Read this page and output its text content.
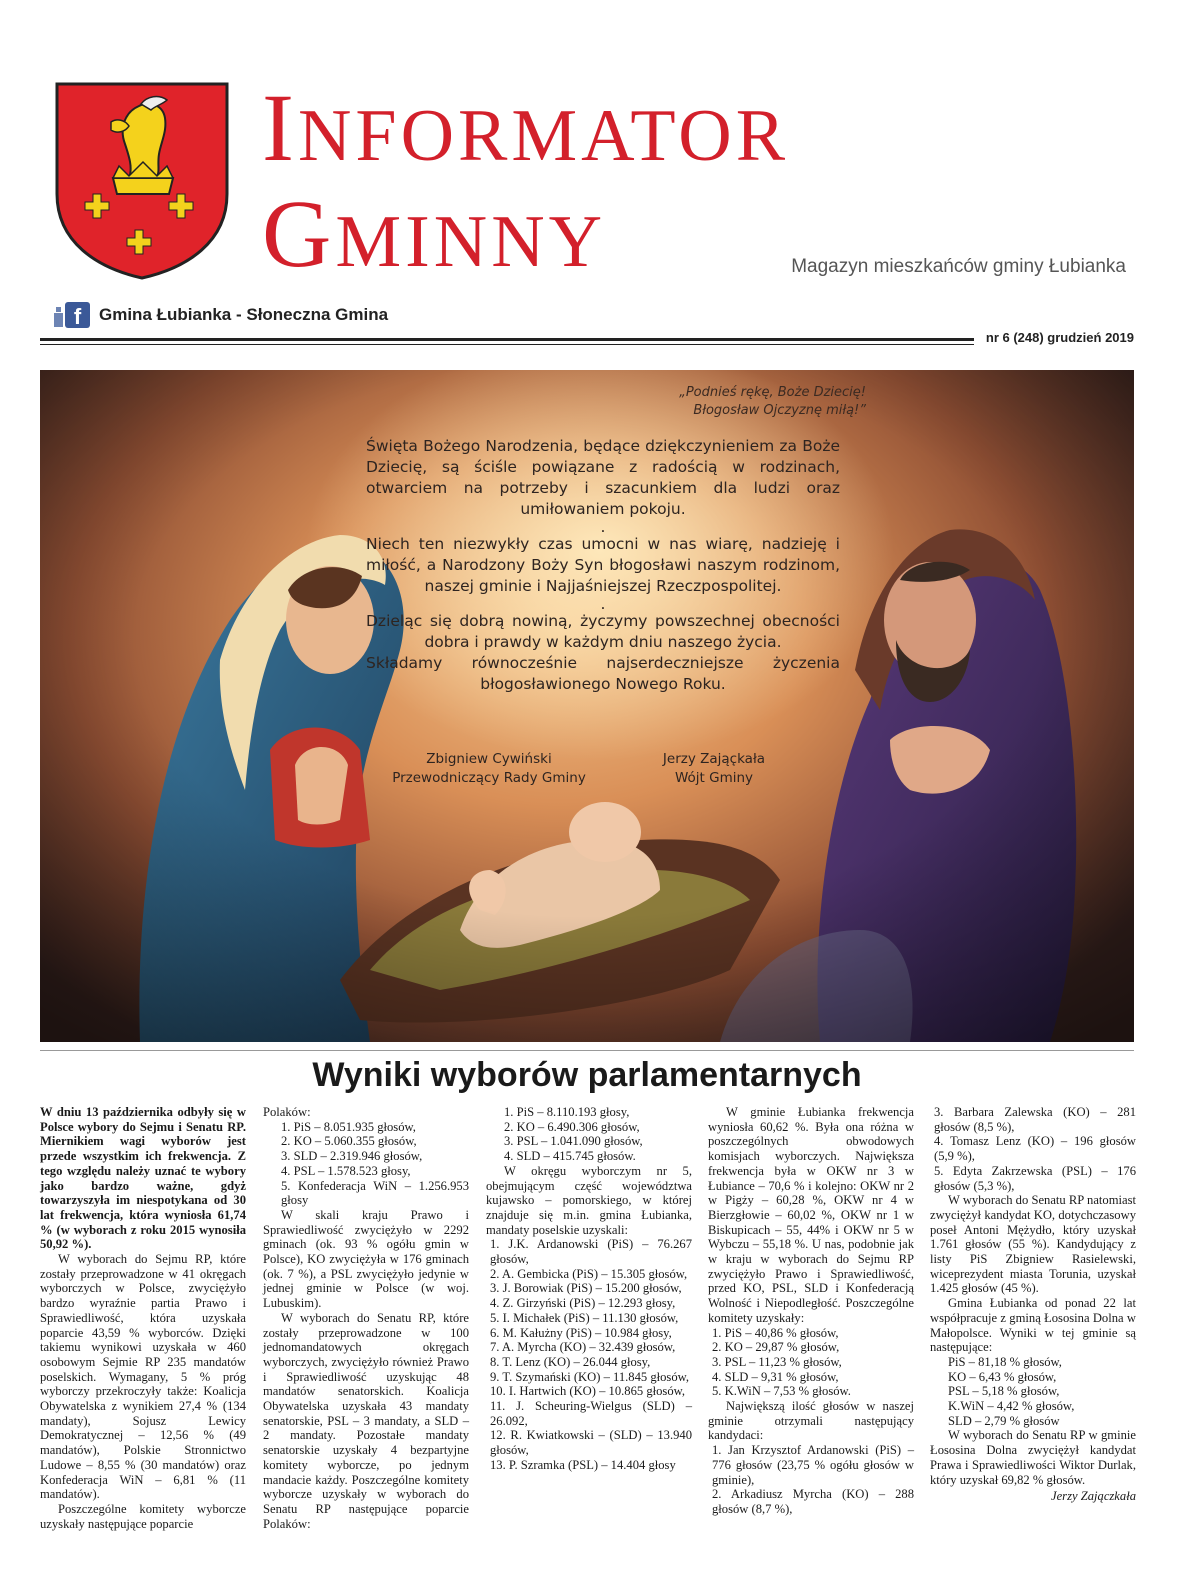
INFORMATOR
GMINNY	Magazyn mieszkańców gminy Łubianka
f Gmina Łubianka - Słoneczna Gmina
nr 6 (248) grudzień 2019
„Podnieś rękę, Boże Dziecię!
Błogosław Ojczyznę miłą!”

Święta Bożego Narodzenia, będące dziękczynieniem za Boże Dziecię, są ściśle powiązane z radością w rodzinach, otwarciem na potrzeby i szacunkiem dla ludzi oraz umiłowaniem pokoju.

.

Niech ten niezwykły czas umocni w nas wiarę, nadzieję i miłość, a Narodzony Boży Syn błogosławi naszym rodzinom, naszej gminie i Najjaśniejszej Rzeczpospolitej.

.

Dzieląc się dobrą nowiną, życzymy powszechnej obecności dobra i prawdy w każdym dniu naszego życia.

Składamy równocześnie najserdeczniejsze życzenia błogosławionego Nowego Roku.

Zbigniew Cywiński
Przewodniczący Rady Gminy
Jerzy Zając̨kała
Wójt Gminy
Wyniki wyborów parlamentarnych

W dniu 13 października odbyły się w Polsce wybory do Sejmu i Senatu RP. Miernikiem wagi wyborów jest przede wszystkim ich frekwencja. Z tego względu należy uznać te wybory jako bardzo ważne, gdyż towarzyszyła im niespotykana od 30 lat frekwencja, która wyniosła 61,74 % (w wyborach z roku 2015 wynosiła 50,92 %).

W wyborach do Sejmu RP, które zostały przeprowadzone w 41 okręgach wyborczych w Polsce, zwyciężyło bardzo wyraźnie partia Prawo i Sprawiedliwość, która uzyskała poparcie 43,59 % wyborców. Dzięki takiemu wynikowi uzyskała w 460 osobowym Sejmie RP 235 mandatów poselskich. Wymagany, 5 % próg wyborczy przekroczyły także: Koalicja Obywatelska z wynikiem 27,4 % (134 mandaty), Sojusz Lewicy Demokratycznej – 12,56 % (49 mandatów), Polskie Stronnictwo Ludowe – 8,55 % (30 mandatów) oraz Konfederacja WiN – 6,81 % (11 mandatów).

Poszczególne komitety wyborcze uzyskały następujące poparcie

Polaków:

1. PiS – 8.051.935 głosów,

2. KO – 5.060.355 głosów,

3. SLD – 2.319.946 głosów,

4. PSL – 1.578.523 głosy,

5. Konfederacja WiN – 1.256.953 głosy

W skali kraju Prawo i Sprawiedliwość zwyciężyło w 2292 gminach (ok. 93 % ogółu gmin w Polsce), KO zwyciężyła w 176 gminach (ok. 7 %), a PSL zwyciężyło jedynie w jednej gminie w Polsce (w woj. Lubuskim).

W wyborach do Senatu RP, które zostały przeprowadzone w 100 jednomandatowych okręgach wyborczych, zwyciężyło również Prawo i Sprawiedliwość uzyskując 48 mandatów senatorskich. Koalicja Obywatelska uzyskała 43 mandaty senatorskie, PSL – 3 mandaty, a SLD – 2 mandaty. Pozostałe mandaty senatorskie uzyskały 4 bezpartyjne komitety wyborcze, po jednym mandacie każdy. Poszczególne komitety wyborcze uzyskały w wyborach do Senatu RP następujące poparcie Polaków:

1. PiS – 8.110.193 głosy,

2. KO – 6.490.306 głosów,

3. PSL – 1.041.090 głosów,

4. SLD – 415.745 głosów.

W okręgu wyborczym nr 5, obejmującym część województwa kujawsko – pomorskiego, w której znajduje się m.in. gmina Łubianka, mandaty poselskie uzyskali:

1. J.K. Ardanowski (PiS) – 76.267 głosów,

2. A. Gembicka (PiS) – 15.305 głosów,

3. J. Borowiak (PiS) – 15.200 głosów,

4. Z. Girzyński (PiS) – 12.293 głosy,

5. I. Michałek (PiS) – 11.130 głosów,

6. M. Kałużny (PiS) – 10.984 głosy,

7. A. Myrcha (KO) – 32.439 głosów,

8. T. Lenz (KO) – 26.044 głosy,

9. T. Szymański (KO) – 11.845 głosów,

10. I. Hartwich (KO) – 10.865 głosów,

11. J. Scheuring-Wielgus (SLD) – 26.092,

12. R. Kwiatkowski – (SLD) – 13.940 głosów,

13. P. Szramka (PSL) – 14.404 głosy

W gminie Łubianka frekwencja wyniosła 60,62 %. Była ona różna w poszczególnych obwodowych komisjach wyborczych. Największa frekwencja była w OKW nr 3 w Łubiance – 70,6 % i kolejno: OKW nr 2 w Pigży – 60,28 %, OKW nr 4 w Bierzgłowie – 60,02 %, OKW nr 1 w Biskupicach – 55, 44% i OKW nr 5 w Wybczu – 55,18 %. U nas, podobnie jak w kraju w wyborach do Sejmu RP zwyciężyło Prawo i Sprawiedliwość, przed KO, PSL, SLD i Konfederacją Wolność i Niepodległość. Poszczególne komitety uzyskały:

1. PiS – 40,86 % głosów,

2. KO – 29,87 % głosów,

3. PSL – 11,23 % głosów,

4. SLD – 9,31 % głosów,

5. K.WiN – 7,53 % głosów.

Największą ilość głosów w naszej gminie otrzymali następujący kandydaci:

1. Jan Krzysztof Ardanowski (PiS) – 776 głosów (23,75 % ogółu głosów w gminie),

2. Arkadiusz Myrcha (KO) – 288 głosów (8,7 %),

3. Barbara Zalewska (KO) – 281 głosów (8,5 %),

4. Tomasz Lenz (KO) – 196 głosów (5,9 %),

5. Edyta Zakrzewska (PSL) – 176 głosów (5,3 %),

W wyborach do Senatu RP natomiast zwyciężył kandydat KO, dotychczasowy poseł Antoni Mężydło, który uzyskał 1.761 głosów (55 %). Kandydujący z listy PiS Zbigniew Rasielewski, wiceprezydent miasta Torunia, uzyskał 1.425 głosów (45 %).

Gmina Łubianka od ponad 22 lat współpracuje z gminą Łososina Dolna w Małopolsce. Wyniki w tej gminie są następujące:

PiS – 81,18 % głosów,

KO – 6,43 % głosów,

PSL – 5,18 % głosów,

K.WiN – 4,42 % głosów,

SLD – 2,79 % głosów

W wyborach do Senatu RP w gminie Łososina Dolna zwyciężył kandydat Prawa i Sprawiedliwości Wiktor Durlak, który uzyskał 69,82 % głosów.

Jerzy Zajączkała
